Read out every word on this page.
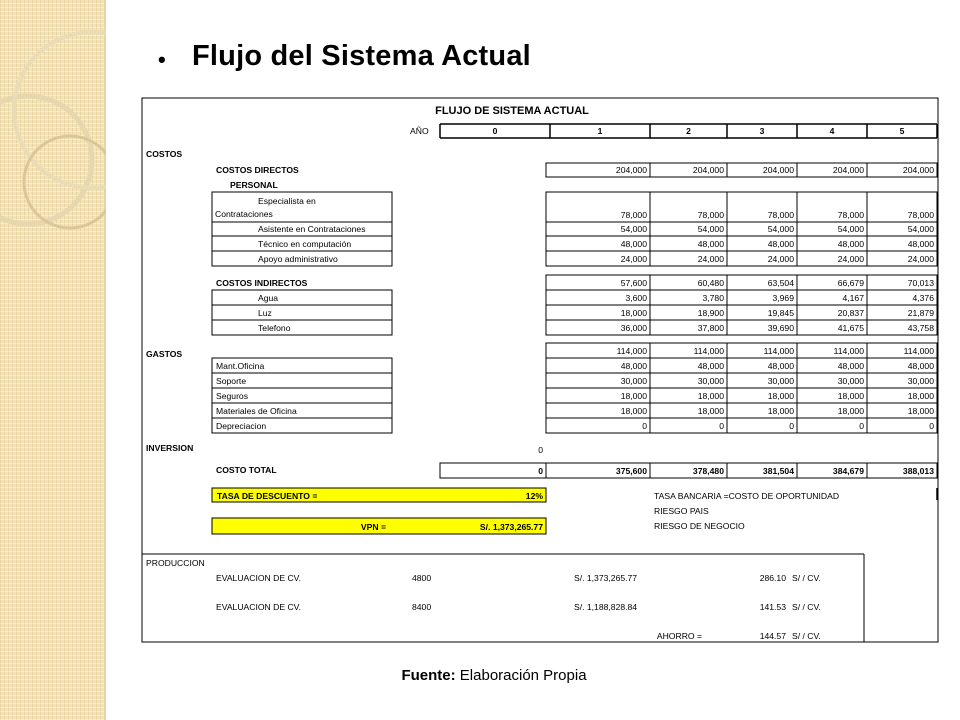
• Flujo del Sistema Actual
FLUJO DE SISTEMA ACTUAL
AÑO	0	1	2	3	4	5
COSTOS
GASTOS
INVERSION
COSTOS DIRECTOS	204,000	204,000	204,000	204,000	204,000
PERSONAL
Especialista en
Contrataciones	78,000	78,000	78,000	78,000	78,000
Asistente en Contrataciones	54,000	54,000	54,000	54,000	54,000
Técnico en computación	48,000	48,000	48,000	48,000	48,000
Apoyo administrativo	24,000	24,000	24,000	24,000	24,000
COSTOS INDIRECTOS	57,600	60,480	63,504	66,679	70,013
Agua	3,600	3,780	3,969	4,167	4,376
Luz	18,000	18,900	19,845	20,837	21,879
Telefono	36,000	37,800	39,690	41,675	43,758
114,000	114,000	114,000	114,000	114,000
Mant.Oficina	48,000	48,000	48,000	48,000	48,000
Soporte	30,000	30,000	30,000	30,000	30,000
Seguros	18,000	18,000	18,000	18,000	18,000
Materiales de Oficina	18,000	18,000	18,000	18,000	18,000
Depreciacion	0	0	0	0	0
0
COSTO TOTAL	0	375,600	378,480	381,504	384,679	388,013
TASA DE DESCUENTO =	12%
VPN =	S/. 1,373,265.77
TASA BANCARIA =COSTO DE OPORTUNIDAD
RIESGO PAIS
RIESGO DE NEGOCIO
PRODUCCION
EVALUACION DE CV.	4800	S/. 1,373,265.77	286.10 S/ / CV.
EVALUACION DE CV.	8400	S/. 1,188,828.84	141.53 S/ / CV.
AHORRO =	144.57 S/ / CV.
Fuente: Elaboración Propia
